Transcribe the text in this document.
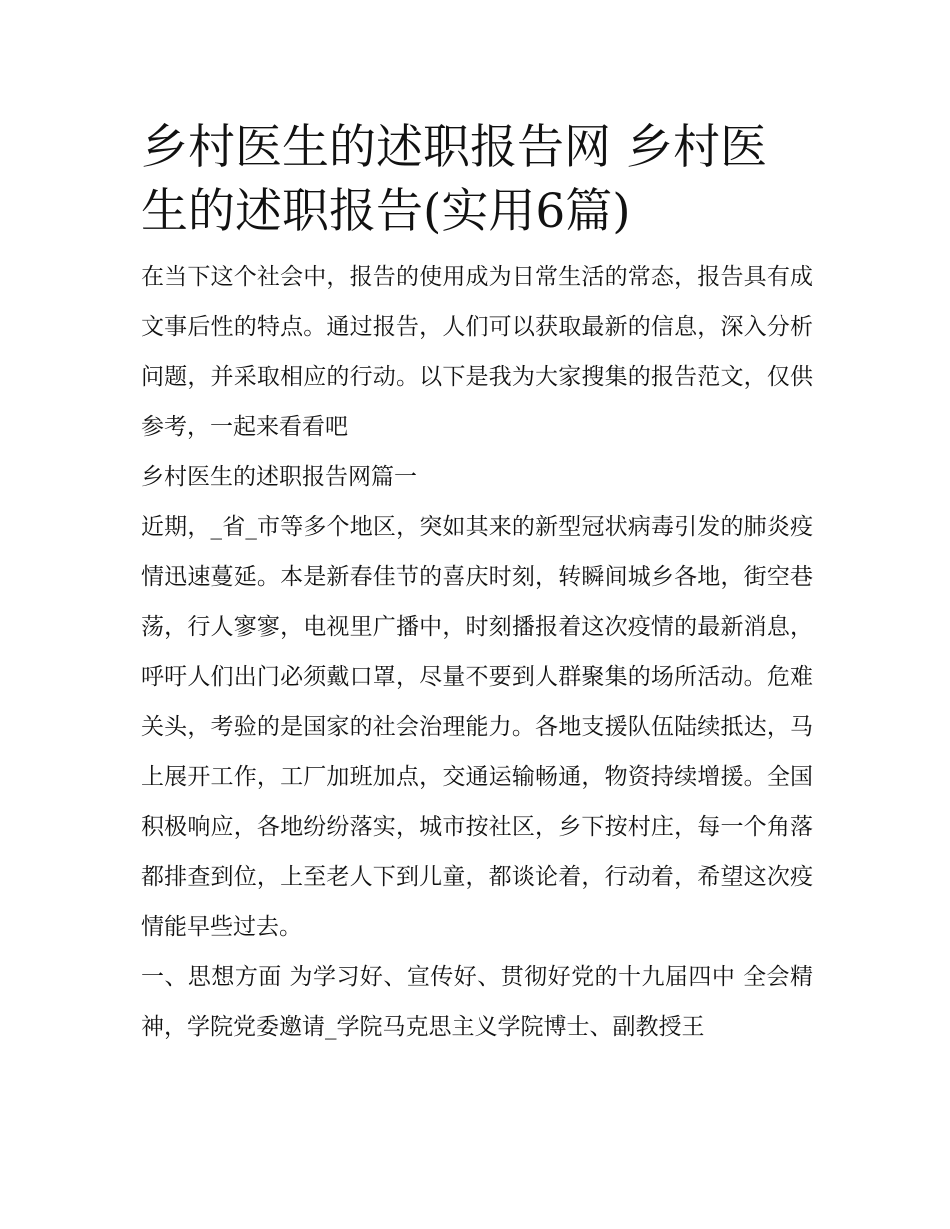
乡村医生的述职报告网 乡村医生的述职报告(实用6篇)

在当下这个社会中，报告的使用成为日常生活的常态，报告具有成文事后性的特点。通过报告，人们可以获取最新的信息，深入分析问题，并采取相应的行动。以下是我为大家搜集的报告范文，仅供参考，一起来看看吧

乡村医生的述职报告网篇一

近期，_省_市等多个地区，突如其来的新型冠状病毒引发的肺炎疫情迅速蔓延。本是新春佳节的喜庆时刻，转瞬间城乡各地，街空巷荡，行人寥寥，电视里广播中，时刻播报着这次疫情的最新消息，呼吁人们出门必须戴口罩，尽量不要到人群聚集的场所活动。危难关头，考验的是国家的社会治理能力。各地支援队伍陆续抵达，马上展开工作，工厂加班加点，交通运输畅通，物资持续增援。全国积极响应，各地纷纷落实，城市按社区，乡下按村庄，每一个角落都排查到位，上至老人下到儿童，都谈论着，行动着，希望这次疫情能早些过去。

一、思想方面 为学习好、宣传好、贯彻好党的十九届四中 全会精神，学院党委邀请_学院马克思主义学院博士、副教授王
